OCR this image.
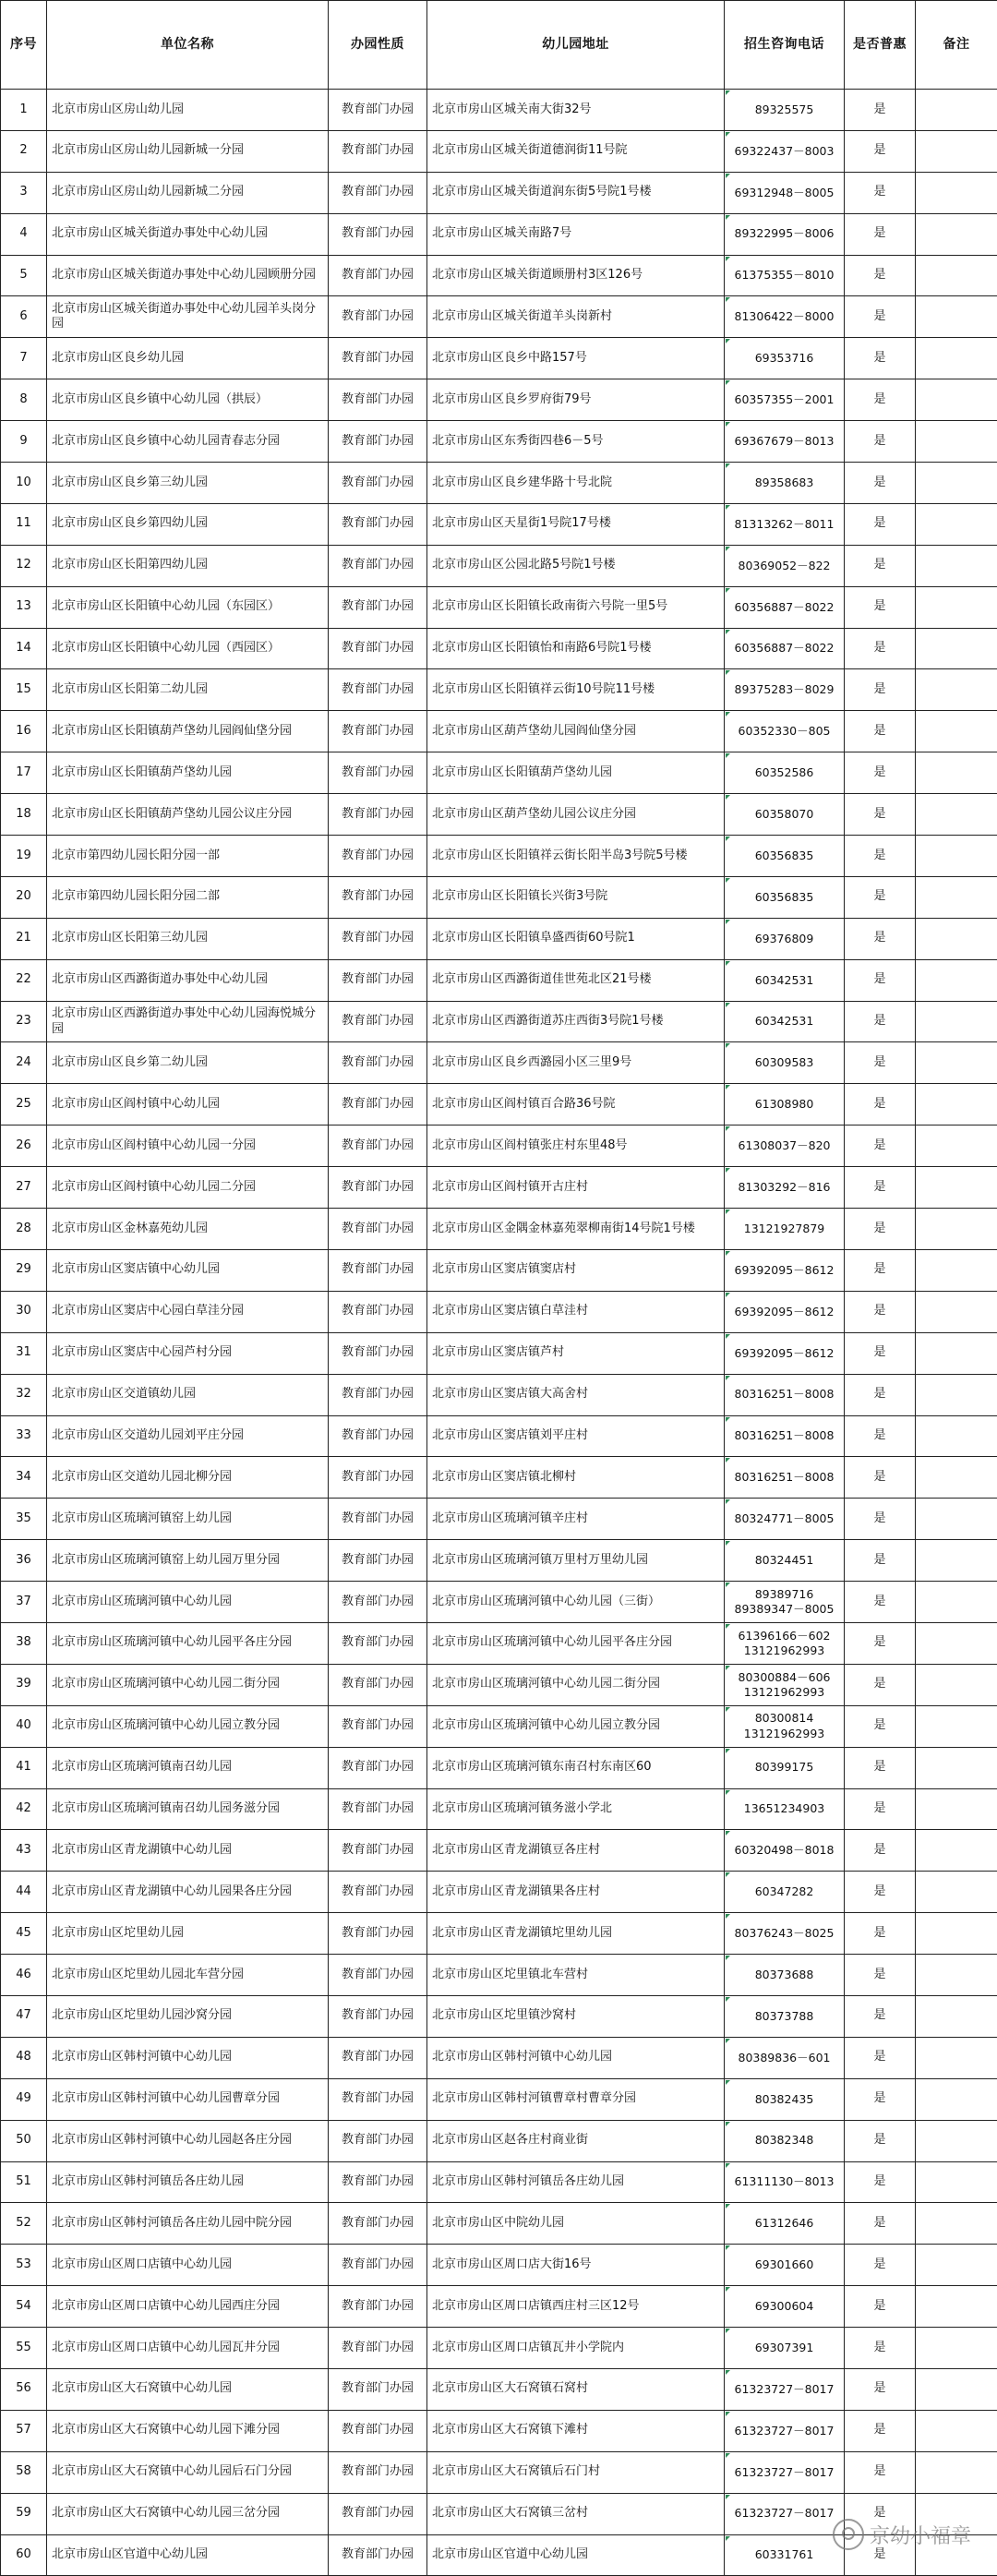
序号	单位名称	办园性质	幼儿园地址	招生咨询电话	是否普惠	备注
1	北京市房山区房山幼儿园	教育部门办园	北京市房山区城关南大街32号	89325575	是	
2	北京市房山区房山幼儿园新城一分园	教育部门办园	北京市房山区城关街道德润街11号院	69322437－8003	是	
3	北京市房山区房山幼儿园新城二分园	教育部门办园	北京市房山区城关街道润东街5号院1号楼	69312948－8005	是	
4	北京市房山区城关街道办事处中心幼儿园	教育部门办园	北京市房山区城关南路7号	89322995－8006	是	
5	北京市房山区城关街道办事处中心幼儿园顾册分园	教育部门办园	北京市房山区城关街道顾册村3区126号	61375355－8010	是	
6	北京市房山区城关街道办事处中心幼儿园羊头岗分园	教育部门办园	北京市房山区城关街道羊头岗新村	81306422－8000	是	
7	北京市房山区良乡幼儿园	教育部门办园	北京市房山区良乡中路157号	69353716	是	
8	北京市房山区良乡镇中心幼儿园（拱辰）	教育部门办园	北京市房山区良乡罗府街79号	60357355－2001	是	
9	北京市房山区良乡镇中心幼儿园青春志分园	教育部门办园	北京市房山区东秀街四巷6－5号	69367679－8013	是	
10	北京市房山区良乡第三幼儿园	教育部门办园	北京市房山区良乡建华路十号北院	89358683	是	
11	北京市房山区良乡第四幼儿园	教育部门办园	北京市房山区天星街1号院17号楼	81313262－8011	是	
12	北京市房山区长阳第四幼儿园	教育部门办园	北京市房山区公园北路5号院1号楼	80369052－822	是	
13	北京市房山区长阳镇中心幼儿园（东园区）	教育部门办园	北京市房山区长阳镇长政南街六号院一里5号	60356887－8022	是	
14	北京市房山区长阳镇中心幼儿园（西园区）	教育部门办园	北京市房山区长阳镇怡和南路6号院1号楼	60356887－8022	是	
15	北京市房山区长阳第二幼儿园	教育部门办园	北京市房山区长阳镇祥云街10号院11号楼	89375283－8029	是	
16	北京市房山区长阳镇葫芦垡幼儿园阎仙垡分园	教育部门办园	北京市房山区葫芦垡幼儿园阎仙垡分园	60352330－805	是	
17	北京市房山区长阳镇葫芦垡幼儿园	教育部门办园	北京市房山区长阳镇葫芦垡幼儿园	60352586	是	
18	北京市房山区长阳镇葫芦垡幼儿园公议庄分园	教育部门办园	北京市房山区葫芦垡幼儿园公议庄分园	60358070	是	
19	北京市第四幼儿园长阳分园一部	教育部门办园	北京市房山区长阳镇祥云街长阳半岛3号院5号楼	60356835	是	
20	北京市第四幼儿园长阳分园二部	教育部门办园	北京市房山区长阳镇长兴街3号院	60356835	是	
21	北京市房山区长阳第三幼儿园	教育部门办园	北京市房山区长阳镇阜盛西街60号院1	69376809	是	
22	北京市房山区西潞街道办事处中心幼儿园	教育部门办园	北京市房山区西潞街道佳世苑北区21号楼	60342531	是	
23	北京市房山区西潞街道办事处中心幼儿园海悦城分园	教育部门办园	北京市房山区西潞街道苏庄西街3号院1号楼	60342531	是	
24	北京市房山区良乡第二幼儿园	教育部门办园	北京市房山区良乡西潞园小区三里9号	60309583	是	
25	北京市房山区阎村镇中心幼儿园	教育部门办园	北京市房山区阎村镇百合路36号院	61308980	是	
26	北京市房山区阎村镇中心幼儿园一分园	教育部门办园	北京市房山区阎村镇张庄村东里48号	61308037－820	是	
27	北京市房山区阎村镇中心幼儿园二分园	教育部门办园	北京市房山区阎村镇开古庄村	81303292－816	是	
28	北京市房山区金林嘉苑幼儿园	教育部门办园	北京市房山区金隅金林嘉苑翠柳南街14号院1号楼	13121927879	是	
29	北京市房山区窦店镇中心幼儿园	教育部门办园	北京市房山区窦店镇窦店村	69392095－8612	是	
30	北京市房山区窦店中心园白草洼分园	教育部门办园	北京市房山区窦店镇白草洼村	69392095－8612	是	
31	北京市房山区窦店中心园芦村分园	教育部门办园	北京市房山区窦店镇芦村	69392095－8612	是	
32	北京市房山区交道镇幼儿园	教育部门办园	北京市房山区窦店镇大高舍村	80316251－8008	是	
33	北京市房山区交道幼儿园刘平庄分园	教育部门办园	北京市房山区窦店镇刘平庄村	80316251－8008	是	
34	北京市房山区交道幼儿园北柳分园	教育部门办园	北京市房山区窦店镇北柳村	80316251－8008	是	
35	北京市房山区琉璃河镇窑上幼儿园	教育部门办园	北京市房山区琉璃河镇辛庄村	80324771－8005	是	
36	北京市房山区琉璃河镇窑上幼儿园万里分园	教育部门办园	北京市房山区琉璃河镇万里村万里幼儿园	80324451	是	
37	北京市房山区琉璃河镇中心幼儿园	教育部门办园	北京市房山区琉璃河镇中心幼儿园（三街）	89389716
89389347－8005	是	
38	北京市房山区琉璃河镇中心幼儿园平各庄分园	教育部门办园	北京市房山区琉璃河镇中心幼儿园平各庄分园	61396166－602
13121962993	是	
39	北京市房山区琉璃河镇中心幼儿园二街分园	教育部门办园	北京市房山区琉璃河镇中心幼儿园二街分园	80300884－606
13121962993	是	
40	北京市房山区琉璃河镇中心幼儿园立教分园	教育部门办园	北京市房山区琉璃河镇中心幼儿园立教分园	80300814
13121962993	是	
41	北京市房山区琉璃河镇南召幼儿园	教育部门办园	北京市房山区琉璃河镇东南召村东南区60	80399175	是	
42	北京市房山区琉璃河镇南召幼儿园务滋分园	教育部门办园	北京市房山区琉璃河镇务滋小学北	13651234903	是	
43	北京市房山区青龙湖镇中心幼儿园	教育部门办园	北京市房山区青龙湖镇豆各庄村	60320498－8018	是	
44	北京市房山区青龙湖镇中心幼儿园果各庄分园	教育部门办园	北京市房山区青龙湖镇果各庄村	60347282	是	
45	北京市房山区坨里幼儿园	教育部门办园	北京市房山区青龙湖镇坨里幼儿园	80376243－8025	是	
46	北京市房山区坨里幼儿园北车营分园	教育部门办园	北京市房山区坨里镇北车营村	80373688	是	
47	北京市房山区坨里幼儿园沙窝分园	教育部门办园	北京市房山区坨里镇沙窝村	80373788	是	
48	北京市房山区韩村河镇中心幼儿园	教育部门办园	北京市房山区韩村河镇中心幼儿园	80389836－601	是	
49	北京市房山区韩村河镇中心幼儿园曹章分园	教育部门办园	北京市房山区韩村河镇曹章村曹章分园	80382435	是	
50	北京市房山区韩村河镇中心幼儿园赵各庄分园	教育部门办园	北京市房山区赵各庄村商业街	80382348	是	
51	北京市房山区韩村河镇岳各庄幼儿园	教育部门办园	北京市房山区韩村河镇岳各庄幼儿园	61311130－8013	是	
52	北京市房山区韩村河镇岳各庄幼儿园中院分园	教育部门办园	北京市房山区中院幼儿园	61312646	是	
53	北京市房山区周口店镇中心幼儿园	教育部门办园	北京市房山区周口店大街16号	69301660	是	
54	北京市房山区周口店镇中心幼儿园西庄分园	教育部门办园	北京市房山区周口店镇西庄村三区12号	69300604	是	
55	北京市房山区周口店镇中心幼儿园瓦井分园	教育部门办园	北京市房山区周口店镇瓦井小学院内	69307391	是	
56	北京市房山区大石窝镇中心幼儿园	教育部门办园	北京市房山区大石窝镇石窝村	61323727－8017	是	
57	北京市房山区大石窝镇中心幼儿园下滩分园	教育部门办园	北京市房山区大石窝镇下滩村	61323727－8017	是	
58	北京市房山区大石窝镇中心幼儿园后石门分园	教育部门办园	北京市房山区大石窝镇后石门村	61323727－8017	是	
59	北京市房山区大石窝镇中心幼儿园三岔分园	教育部门办园	北京市房山区大石窝镇三岔村	61323727－8017	是	
60	北京市房山区官道中心幼儿园	教育部门办园	北京市房山区官道中心幼儿园	60331761	是	
京幼小福章
